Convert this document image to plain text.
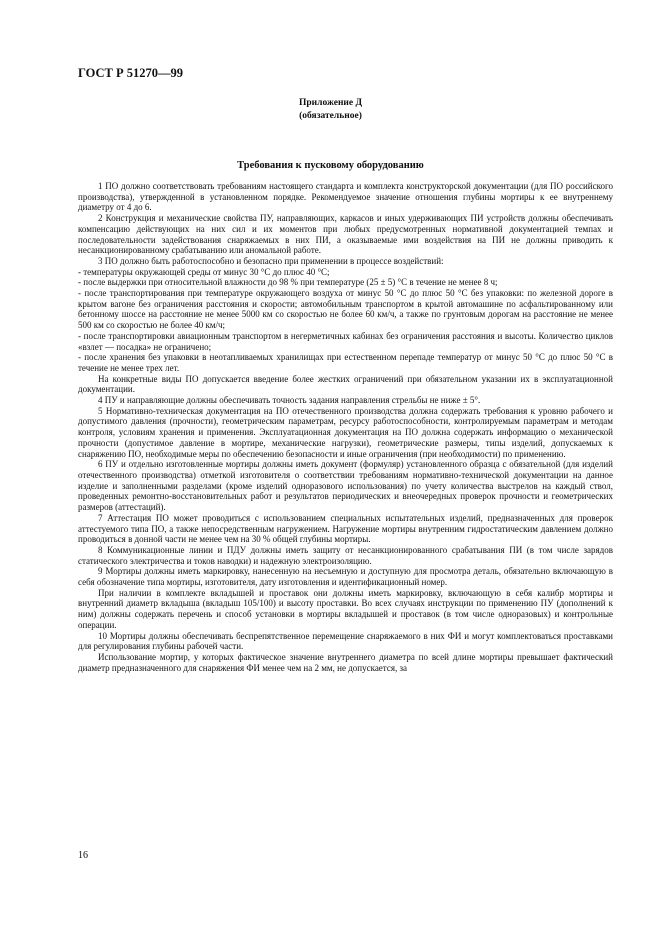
ГОСТ Р 51270—99
Приложение Д
(обязательное)
Требования к пусковому оборудованию

1 ПО должно соответствовать требованиям настоящего стандарта и комплекта конструкторской документации (для ПО российского производства), утвержденной в установленном порядке. Рекомендуемое значение отношения глубины мортиры к ее внутреннему диаметру от 4 до 6.

2 Конструкция и механические свойства ПУ, направляющих, каркасов и иных удерживающих ПИ устройств должны обеспечивать компенсацию действующих на них сил и их моментов при любых предусмотренных нормативной документацией темпах и последовательности задействования снаряжаемых в них ПИ, а оказываемые ими воздействия на ПИ не должны приводить к несанкционированному срабатыванию или аномальной работе.

3 ПО должно быть работоспособно и безопасно при применении в процессе воздействий:

- температуры окружающей среды от минус 30 °С до плюс 40 °С;

- после выдержки при относительной влажности до 98 % при температуре (25 ± 5) °С в течение не менее 8 ч;

- после транспортирования при температуре окружающего воздуха от минус 50 °С до плюс 50 °С без упаковки: по железной дороге в крытом вагоне без ограничения расстояния и скорости; автомобильным транспортом в крытой автомашине по асфальтированному или бетонному шоссе на расстояние не менее 5000 км со скоростью не более 60 км/ч, а также по грунтовым дорогам на расстояние не менее 500 км со скоростью не более 40 км/ч;

- после транспортировки авиационным транспортом в негерметичных кабинах без ограничения расстояния и высоты. Количество циклов «взлет — посадка» не ограничено;

- после хранения без упаковки в неотапливаемых хранилищах при естественном перепаде температур от минус 50 °С до плюс 50 °С в течение не менее трех лет.

На конкретные виды ПО допускается введение более жестких ограничений при обязательном указании их в эксплуатационной документации.

4 ПУ и направляющие должны обеспечивать точность задания направления стрельбы не ниже ± 5°.

5 Нормативно-техническая документация на ПО отечественного производства должна содержать требования к уровню рабочего и допустимого давления (прочности), геометрическим параметрам, ресурсу работоспособности, контролируемым параметрам и методам контроля, условиям хранения и применения. Эксплуатационная документация на ПО должна содержать информацию о механической прочности (допустимое давление в мортире, механические нагрузки), геометрические размеры, типы изделий, допускаемых к снаряжению ПО, необходимые меры по обеспечению безопасности и иные ограничения (при необходимости) по применению.

6 ПУ и отдельно изготовленные мортиры должны иметь документ (формуляр) установленного образца с обязательной (для изделий отечественного производства) отметкой изготовителя о соответствии требованиям нормативно-технической документации на данное изделие и заполненными разделами (кроме изделий одноразового использования) по учету количества выстрелов на каждый ствол, проведенных ремонтно-восстановительных работ и результатов периодических и внеочередных проверок прочности и геометрических размеров (аттестаций).

7 Аттестация ПО может проводиться с использованием специальных испытательных изделий, предназначенных для проверок аттестуемого типа ПО, а также непосредственным нагружением. Нагружение мортиры внутренним гидростатическим давлением должно проводиться в донной части не менее чем на 30 % общей глубины мортиры.

8 Коммуникационные линии и ПДУ должны иметь защиту от несанкционированного срабатывания ПИ (в том числе зарядов статического электричества и токов наводки) и надежную электроизоляцию.

9 Мортиры должны иметь маркировку, нанесенную на несъемную и доступную для просмотра деталь, обязательно включающую в себя обозначение типа мортиры, изготовителя, дату изготовления и идентификационный номер.

При наличии в комплекте вкладышей и проставок они должны иметь маркировку, включающую в себя калибр мортиры и внутренний диаметр вкладыша (вкладыш 105/100) и высоту проставки. Во всех случаях инструкции по применению ПУ (дополнений к ним) должны содержать перечень и способ установки в мортиры вкладышей и проставок (в том числе одноразовых) и контрольные операции.

10 Мортиры должны обеспечивать беспрепятственное перемещение снаряжаемого в них ФИ и могут комплектоваться проставками для регулирования глубины рабочей части.

Использование мортир, у которых фактическое значение внутреннего диаметра по всей длине мортиры превышает фактический диаметр предназначенного для снаряжения ФИ менее чем на 2 мм, не допускается, за

16
